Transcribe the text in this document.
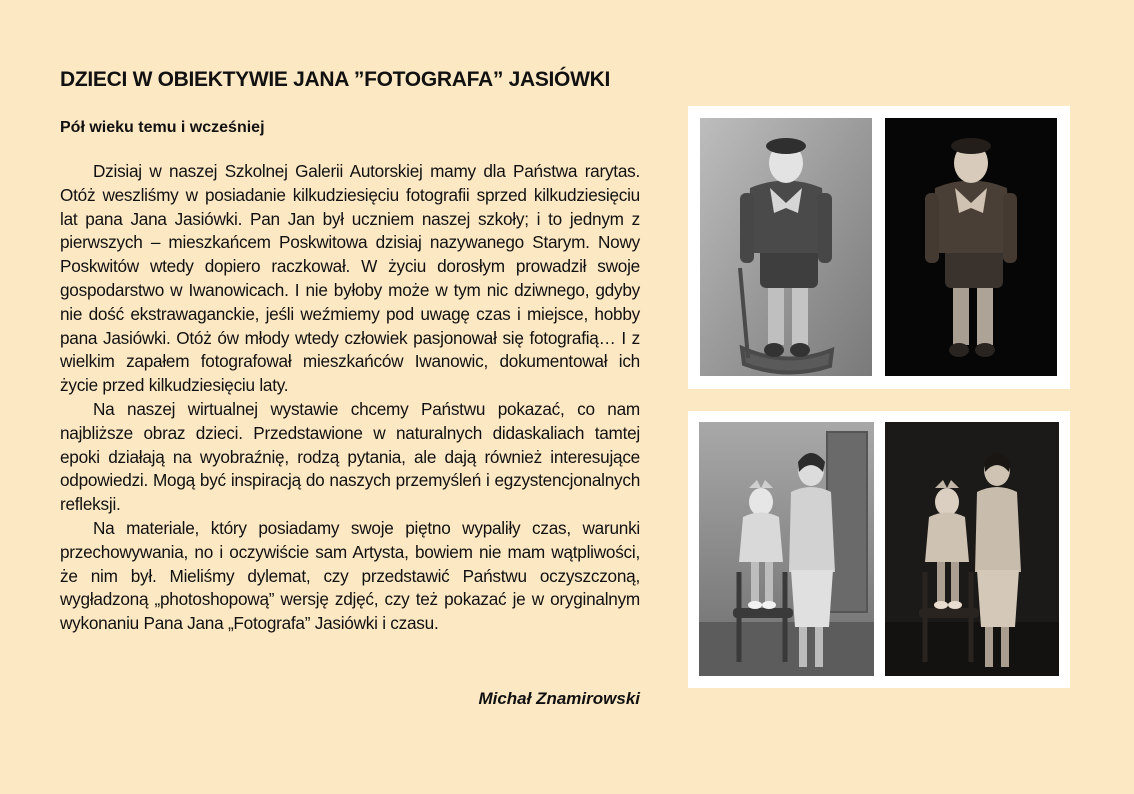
DZIECI W OBIEKTYWIE JANA ”FOTOGRAFA” JASIÓWKI
Pół wieku temu i wcześniej

Dzisiaj w naszej Szkolnej Galerii Autorskiej mamy dla Państwa rarytas. Otóż weszliśmy w posiadanie kilkudziesięciu fotografii sprzed kilkudziesięciu lat pana Jana Jasiówki. Pan Jan był uczniem naszej szkoły; i to jednym z pierwszych – mieszkańcem Poskwitowa dzisiaj nazywanego Starym. Nowy Poskwitów wtedy dopiero raczkował. W życiu dorosłym prowadził swoje gospodarstwo w Iwanowicach. I nie byłoby może w tym nic dziwnego, gdyby nie dość ekstrawaganckie, jeśli weźmiemy pod uwagę czas i miejsce, hobby pana Jasiówki. Otóż ów młody wtedy człowiek pasjonował się fotografią… I z wielkim zapałem fotografował mieszkańców Iwanowic, dokumentował ich życie przed kilkudziesięciu laty.

Na naszej wirtualnej wystawie chcemy Państwu pokazać, co nam najbliższe obraz dzieci. Przedstawione w naturalnych didaskaliach tamtej epoki działają na wyobraźnię, rodzą pytania, ale dają również interesujące odpowiedzi. Mogą być inspiracją do naszych przemyśleń i egzystencjonalnych refleksji.

Na materiale, który posiadamy swoje piętno wypaliły czas, warunki przechowywania, no i oczywiście sam Artysta, bowiem nie mam wątpliwości, że nim był. Mieliśmy dylemat, czy przedstawić Państwu oczyszczoną, wygładzoną „photoshopową” wersję zdjęć, czy też pokazać je w oryginalnym wykonaniu Pana Jana „Fotografa” Jasiówki i czasu.

Michał Znamirowski
